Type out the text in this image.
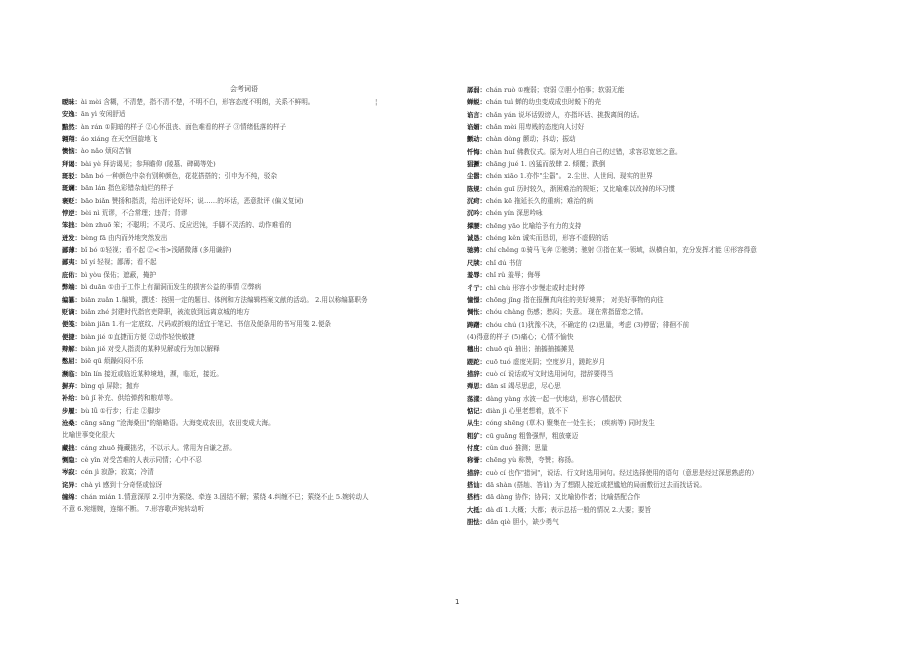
会考词语
¦
暧昧：ài mèi 含糊，不清楚，指不清不楚，不明不白，形容态度不明朗，关系不鲜明。
安逸：ān yì 安闲舒适
黯然：àn rán ①阴暗的样子 ②心怀沮丧、面色难看的样子 ③情绪低落的样子
翱翔：áo xiáng 在天空回旋地飞
懊恼：ào nǎo 烦闷苦恼
拜谒：bài yè 拜访谒见；参拜瞻仰 (陵墓、碑碣等处)
斑驳：bān bó 一种颜色中杂有别种颜色，花花搭搭的；引申为不纯，驳杂
斑斓：bān lán 指色彩错杂灿烂的样子
褒贬：bāo biǎn 赞扬和指责，给出评论好坏；说……的坏话，恶意批评 (偏义复词)
悖逆：bèi nì 荒谬，不合常理；违背；背谬
笨拙：bèn zhuō 笨；不聪明；不灵巧、反应迟钝，手脚不灵活的、动作难看的
迸发：bèng fā 由内而外地突然发出
鄙薄：bǐ bó ①轻视；看不起 ②<书>浅陋微薄 (多用谦辞)
鄙夷：bǐ yí 轻视；鄙薄；看不起
庇佑：bì yòu 保佑；遮蔽，掩护
弊端：bì duān ①由于工作上有漏洞而发生的损害公益的事情 ②弊病
编纂：biān zuǎn 1.编辑，撰述：按照一定的题目、体例和方法编辑档案文献的活动。 2.用以称编纂职务
贬谪：biǎn zhé 封建时代指官吏降职，被流放到远离京城的地方
便笺：biàn jiān 1.有一定底纹、尺码或折痕的适宜于笔记、书信及便条用的书写用笺 2.便条
便捷：biàn jié ①直捷而方便 ②动作轻快敏捷
辩解：biàn jiě 对受人指责的某种见解或行为加以解释
憋屈：biē qū 烦躁闷闷不乐
濒临：bīn lín 接近或临近某种境地，濒，临近，接近。
摒弃：bìng qì 屏除；抛弃
补给：bǔ jǐ 补充、供给弹药和粮草等。
步履：bù lǚ ①行步；行走 ②脚步
沧桑：cāng sāng "沧海桑田"的缩略语。大海变成农田，农田变成大海。
比喻世事变化很大
藏拙：cáng zhuō 掩藏拙劣，不以示人。常用为自谦之辞。
恻隐：cè yǐn 对受苦难的人表示同情；心中不忍
岑寂：cén jì 寂静；寂寞；冷清
诧异：chà yì 感到十分奇怪或惊讶
缠绵：chán mián 1.情意深厚 2.引申为萦绕、牵连 3.固结不解；萦绕 4.纠缠不已；萦绕不止 5.婉转动人
不意 6.宛细婉，连绵不断。 7.形容歌声宛转动听
孱弱：chán ruò ①瘦弱；衰弱 ②胆小怕事；软弱无能
蝉蜕：chán tuì 蝉的幼虫变成成虫时蜕下的壳
谄言：chǎn yán 说坏话毁谤人，亦指坏话、挑拨离间的话。
谄媚：chǎn mèi 用卑贱的态度向人讨好
颤动：chàn dòng 颤动；抖动；振动
忏悔：chàn huǐ 佛教仪式。原为对人坦白自己的过错，求容忍宽恕之意。
猖獗：chāng jué 1. 凶猛而放肆 2. 倾覆；跌倒
尘嚣：chén xiāo 1.亦作"尘嚣"。 2.尘世、人世间、现实的世界
陈规：chén guī 历时较久，渐困难治的规矩；又比喻难以改掉的坏习惯
沉疴：chén kē 拖延长久的重病；难治的病
沉吟：chén yín 深思吟咏
撑腰：chēng yāo 比喻给予有力的支持
诚恳：chéng kěn 诚实而恳切，形容不虚假的话
驰骋：chí chěng ①骑马飞奔 ②驰骋；驰射 ③指在某一领域，纵横自如，充分发挥才能 ④形容得意
尺牍：chǐ dú 书信
羞辱：chǐ rǔ 羞辱；侮辱
彳亍：chì chù 形容小步慢走或时走时停
憧憬：chōng jǐng 指在报酬真向往的美好境界； 对美好事物的向往
惆怅：chóu chàng 伤感；愁闷；失意。 现在常指留恋之情。
踌躇：chóu chú (1)犹豫不决，不确定的 (2)思量，考虑 (3)停留；徘徊不前
(4)得意的样子 (5)痛心；心情不愉快
穗出：chuō qǔ 抽出；抽搐抽搐摊晃
蹉跎：cuō tuó 虚度光阴；空度岁月，蹉跎岁月
措辞：cuò cí 说话或写文时选用词句，措辞要得当
殚思：dān sī 竭尽思虑，尽心思
荡漾：dàng yàng 水波一起一伏地动，形容心情起伏
惦记：diàn jì 心里老想着，放不下
从生：cóng shēng (草木) 聚集在一处生长； (疾病等) 同时发生
粗犷：cū guǎng 粗鲁强悍，粗放豪迈
付度：cǔn duó 推测；思量
称誉：chēng yù 称赞，夸赞；称扬。
措辞：cuò cí 也作"措词"，说话、行文时选用词句。经过选择使用的语句（意思是经过深思熟虑的）
搭讪：dā shàn (搭赸、答讪) 为了想跟人接近或把尴尬的局面敷衍过去而找话说。
搭档：dā dàng 协作；协同；又比喻协作者；比喻搭配合作
大抵：dà dǐ 1.大概；大都；表示总括一般的情况 2.大要；要旨
胆怯：dǎn qiè 胆小，缺少勇气
1
